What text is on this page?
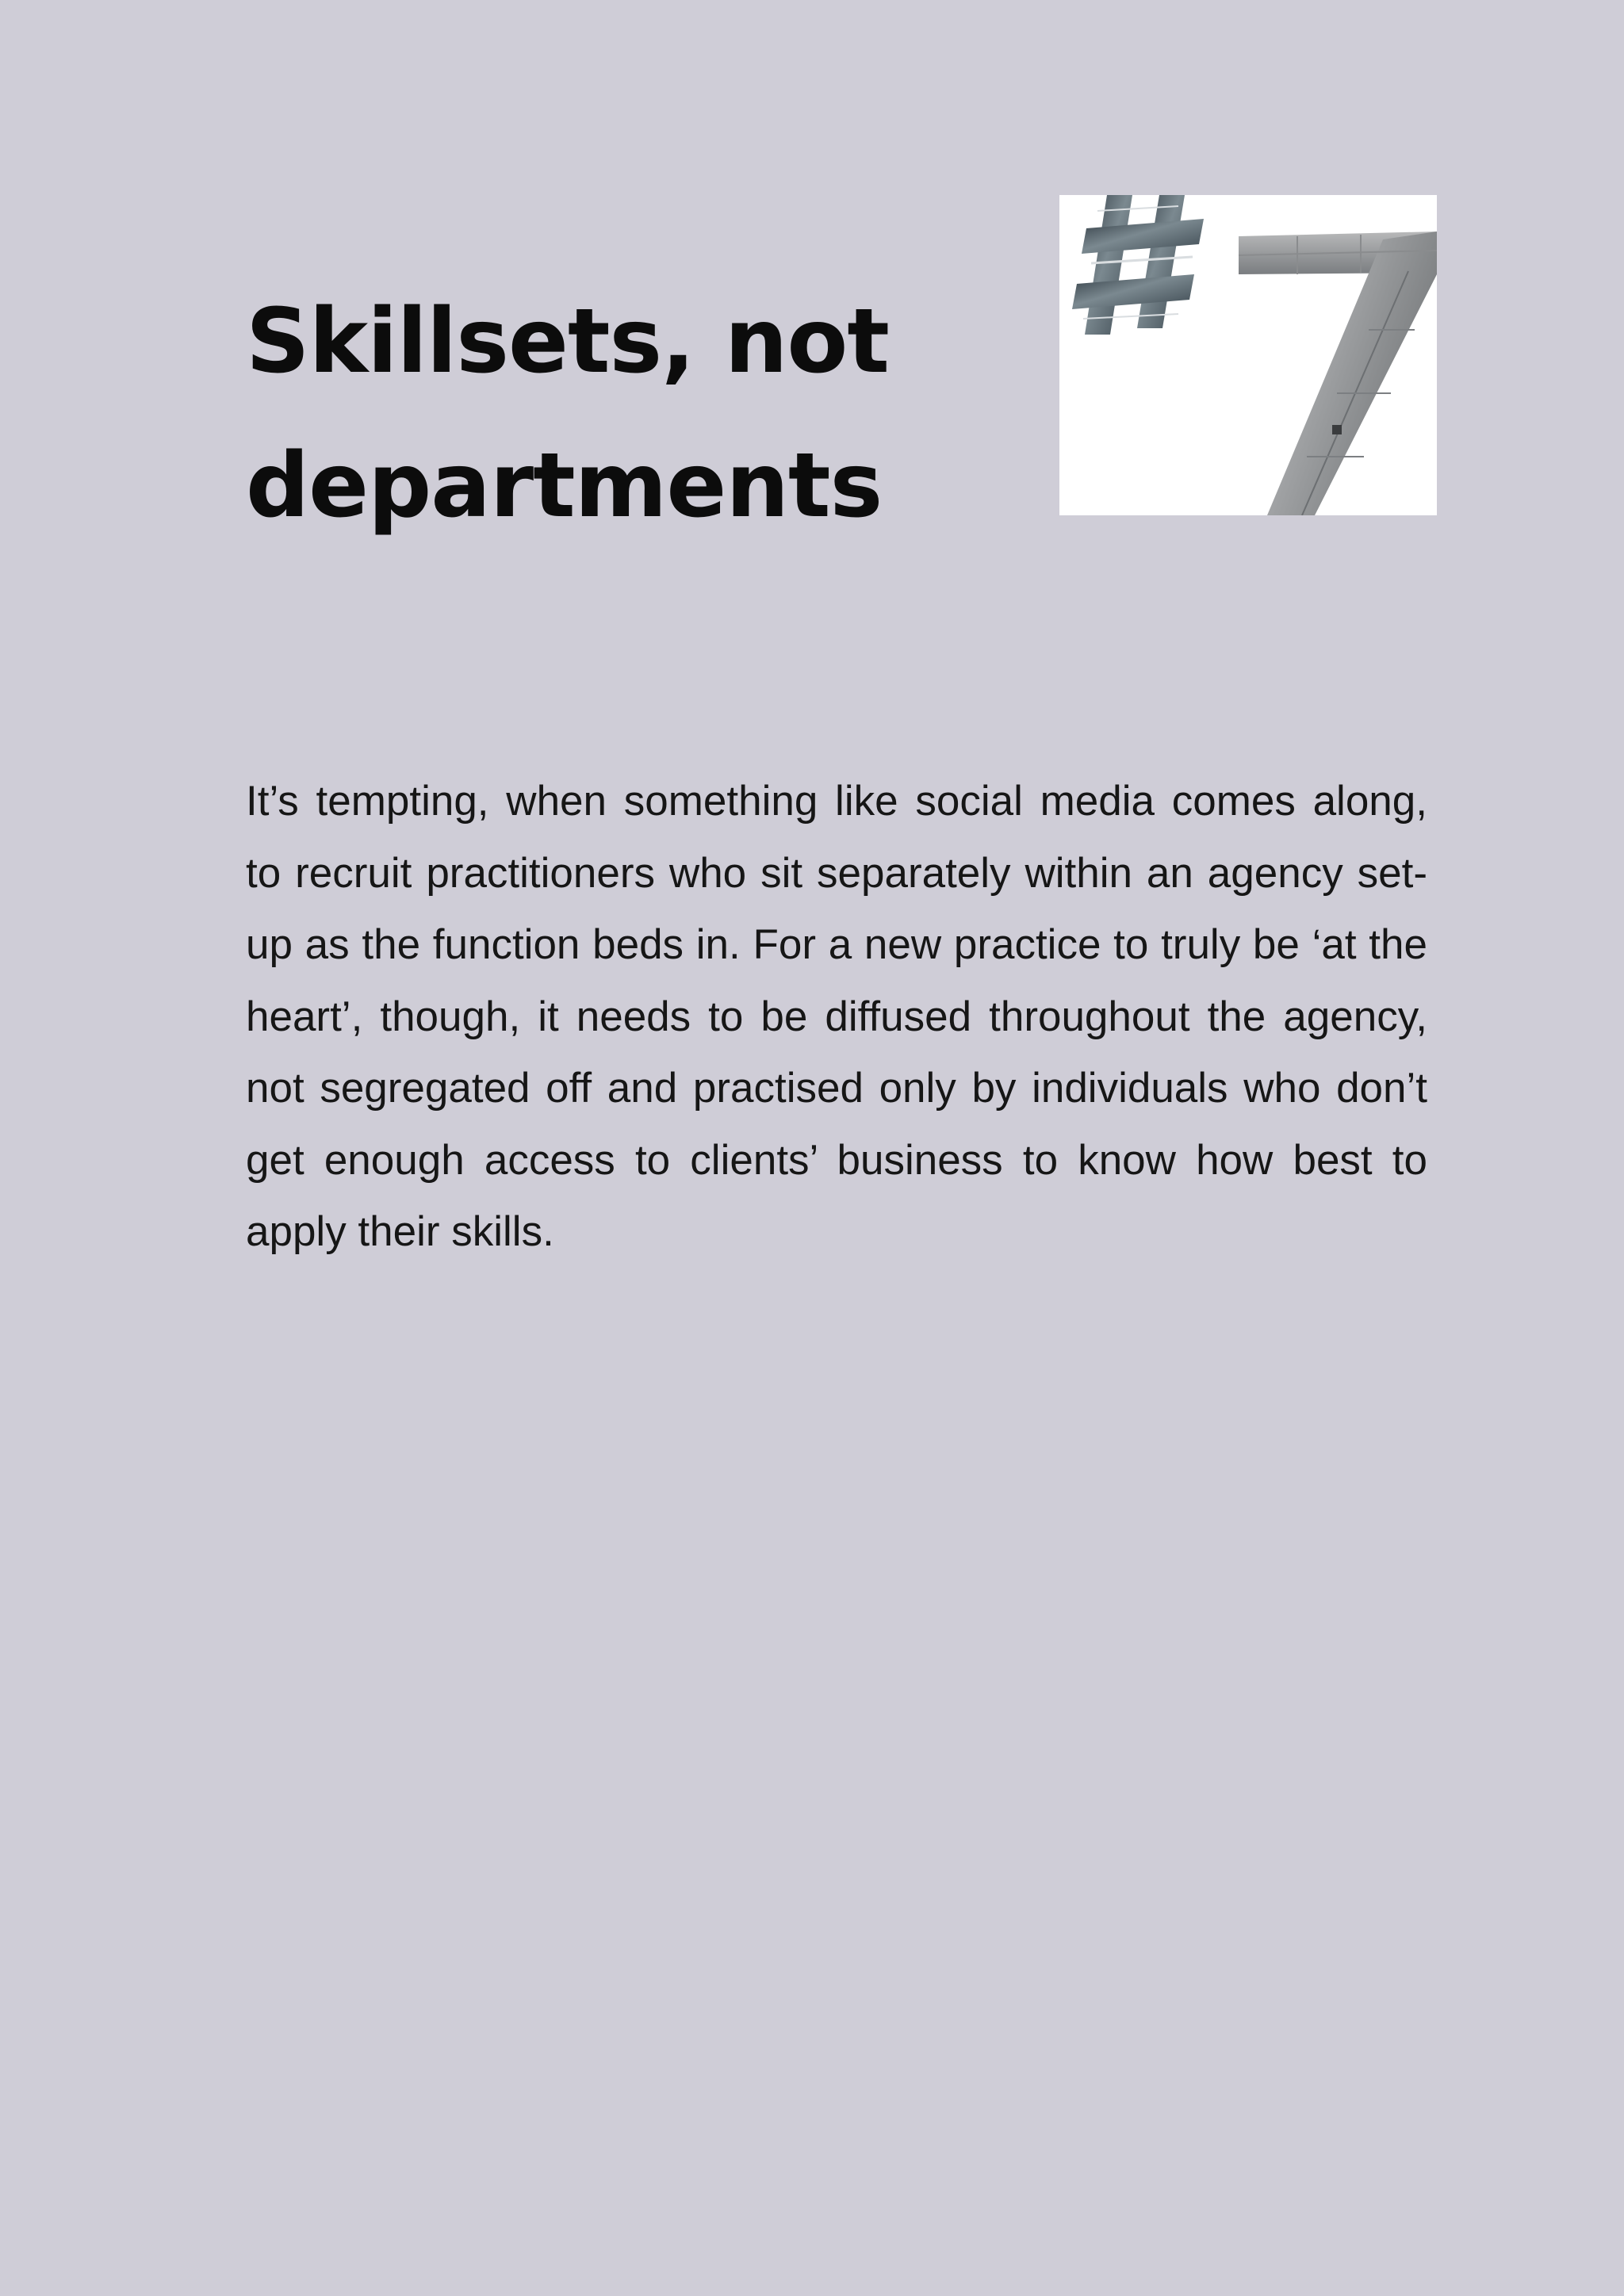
Skillsets, not
departments

It’s tempting, when something like social media comes along, to recruit practitioners who sit separately within an agency set-up as the function beds in. For a new practice to truly be ‘at the heart’, though, it needs to be diffused throughout the agency, not segregated off and practised only by individuals who don’t get enough access to clients’ business to know how best to apply their skills.
